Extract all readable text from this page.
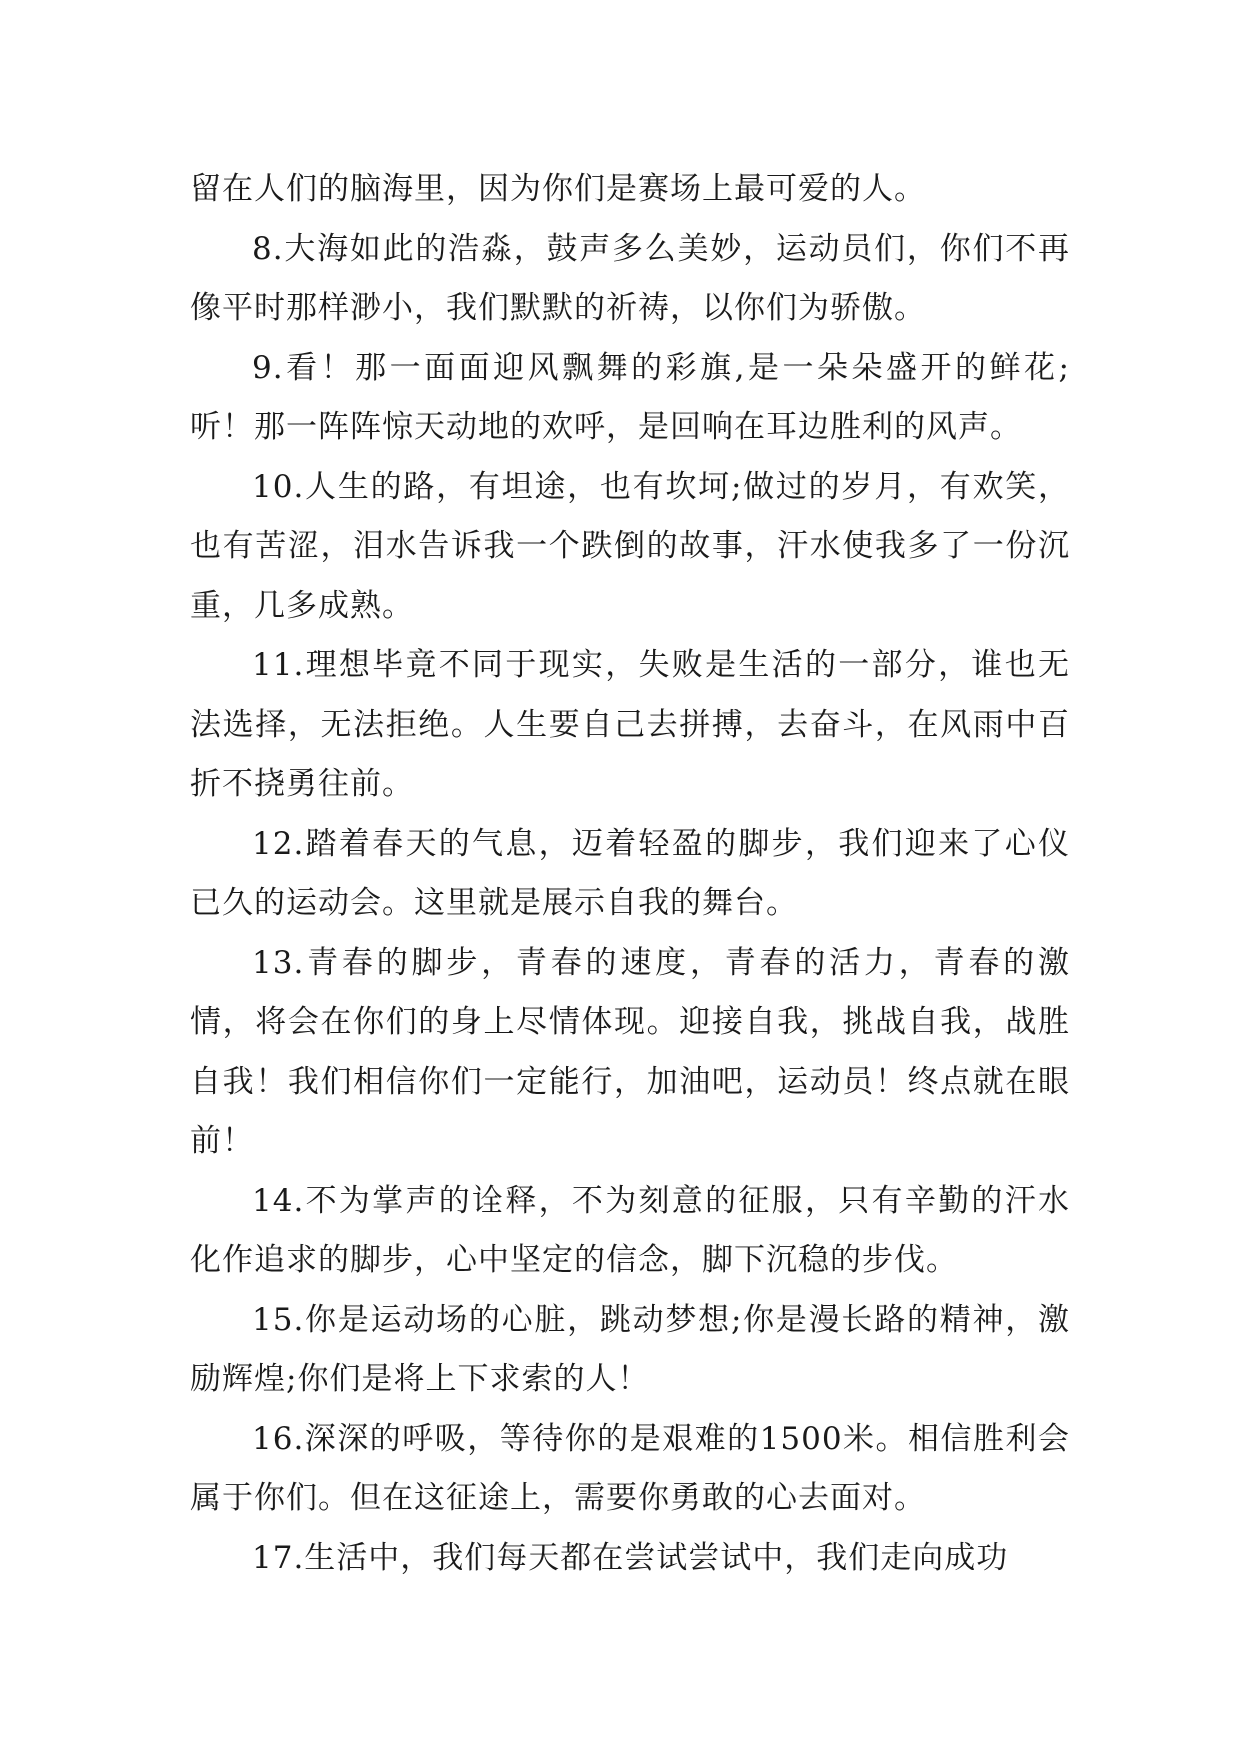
留在人们的脑海里，因为你们是赛场上最可爱的人。

8.大海如此的浩淼，鼓声多么美妙，运动员们，你们不再像平时那样渺小，我们默默的祈祷，以你们为骄傲。

9.看！那一面面迎风飘舞的彩旗,是一朵朵盛开的鲜花;听！那一阵阵惊天动地的欢呼，是回响在耳边胜利的风声。

10.人生的路，有坦途，也有坎坷;做过的岁月，有欢笑，也有苦涩，泪水告诉我一个跌倒的故事，汗水使我多了一份沉重，几多成熟。

11.理想毕竟不同于现实，失败是生活的一部分，谁也无法选择，无法拒绝。人生要自己去拼搏，去奋斗，在风雨中百折不挠勇往前。

12.踏着春天的气息，迈着轻盈的脚步，我们迎来了心仪已久的运动会。这里就是展示自我的舞台。

13.青春的脚步，青春的速度，青春的活力，青春的激情，将会在你们的身上尽情体现。迎接自我，挑战自我，战胜自我！我们相信你们一定能行，加油吧，运动员！终点就在眼前！

14.不为掌声的诠释，不为刻意的征服，只有辛勤的汗水化作追求的脚步，心中坚定的信念，脚下沉稳的步伐。

15.你是运动场的心脏，跳动梦想;你是漫长路的精神，激励辉煌;你们是将上下求索的人！

16.深深的呼吸，等待你的是艰难的1500米。相信胜利会属于你们。但在这征途上，需要你勇敢的心去面对。

17.生活中，我们每天都在尝试尝试中，我们走向成功
